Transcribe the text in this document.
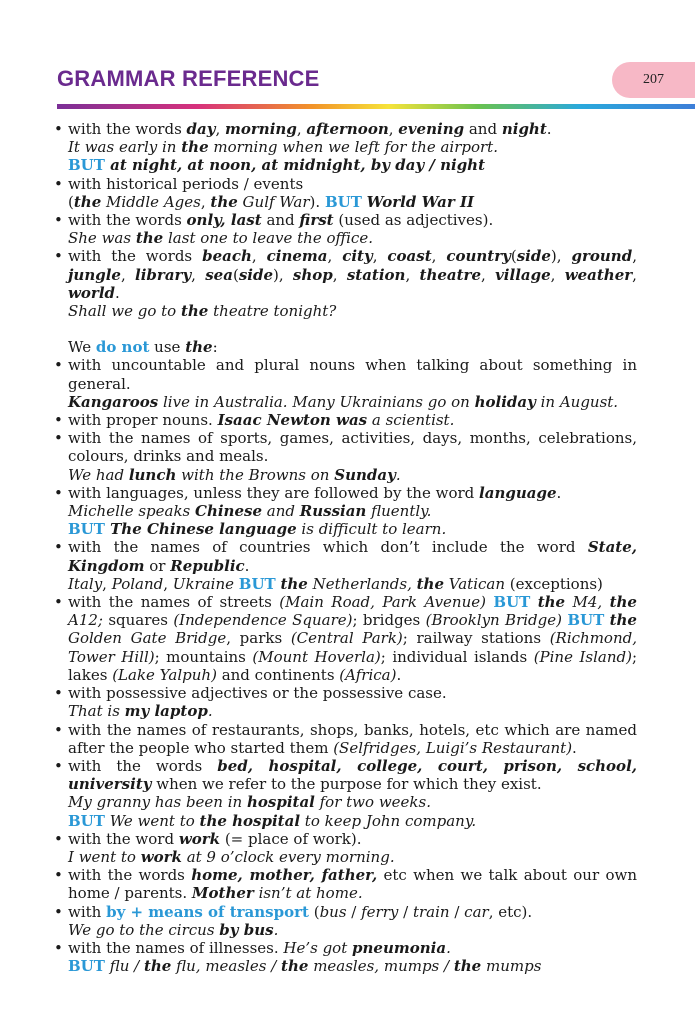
GRAMMAR REFERENCE	207

• with the words day, morning, afternoon, evening and night.

It was early in the morning when we left for the airport.

BUT at night, at noon, at midnight, by day / night

• with historical periods / events

(the Middle Ages, the Gulf War). BUT World War II

• with the words only, last and first (used as adjectives).

She was the last one to leave the office.

• with the words beach, cinema, city, coast, country(side), ground, jungle, library, sea(side), shop, station, theatre, village, weather, world.

Shall we go to the theatre tonight?

We do not use the:

• with uncountable and plural nouns when talking about something in general.

Kangaroos live in Australia. Many Ukrainians go on holiday in August.

• with proper nouns. Isaac Newton was a scientist.

• with the names of sports, games, activities, days, months, celebrations, colours, drinks and meals.

We had lunch with the Browns on Sunday.

• with languages, unless they are followed by the word language.

Michelle speaks Chinese and Russian fluently.

BUT The Chinese language is difficult to learn.

• with the names of countries which don’t include the word State, Kingdom or Republic.

Italy, Poland, Ukraine BUT the Netherlands, the Vatican (exceptions)

• with the names of streets (Main Road, Park Avenue) BUT the M4, the A12; squares (Independence Square); bridges (Brooklyn Bridge) BUT the Golden Gate Bridge, parks (Central Park); railway stations (Richmond, Tower Hill); mountains (Mount Hoverla); individual islands (Pine Island); lakes (Lake Yalpuh) and continents (Africa).

• with possessive adjectives or the possessive case.

That is my laptop.

• with the names of restaurants, shops, banks, hotels, etc which are named after the people who started them (Selfridges, Luigi’s Restaurant).

• with the words bed, hospital, college, court, prison, school, university when we refer to the purpose for which they exist.

My granny has been in hospital for two weeks.

BUT We went to the hospital to keep John company.

• with the word work (= place of work).

I went to work at 9 o’clock every morning.

• with the words home, mother, father, etc when we talk about our own home / parents. Mother isn’t at home.

• with by + means of transport (bus / ferry / train / car, etc).

We go to the circus by bus.

• with the names of illnesses. He’s got pneumonia.

BUT flu / the flu, measles / the measles, mumps / the mumps
